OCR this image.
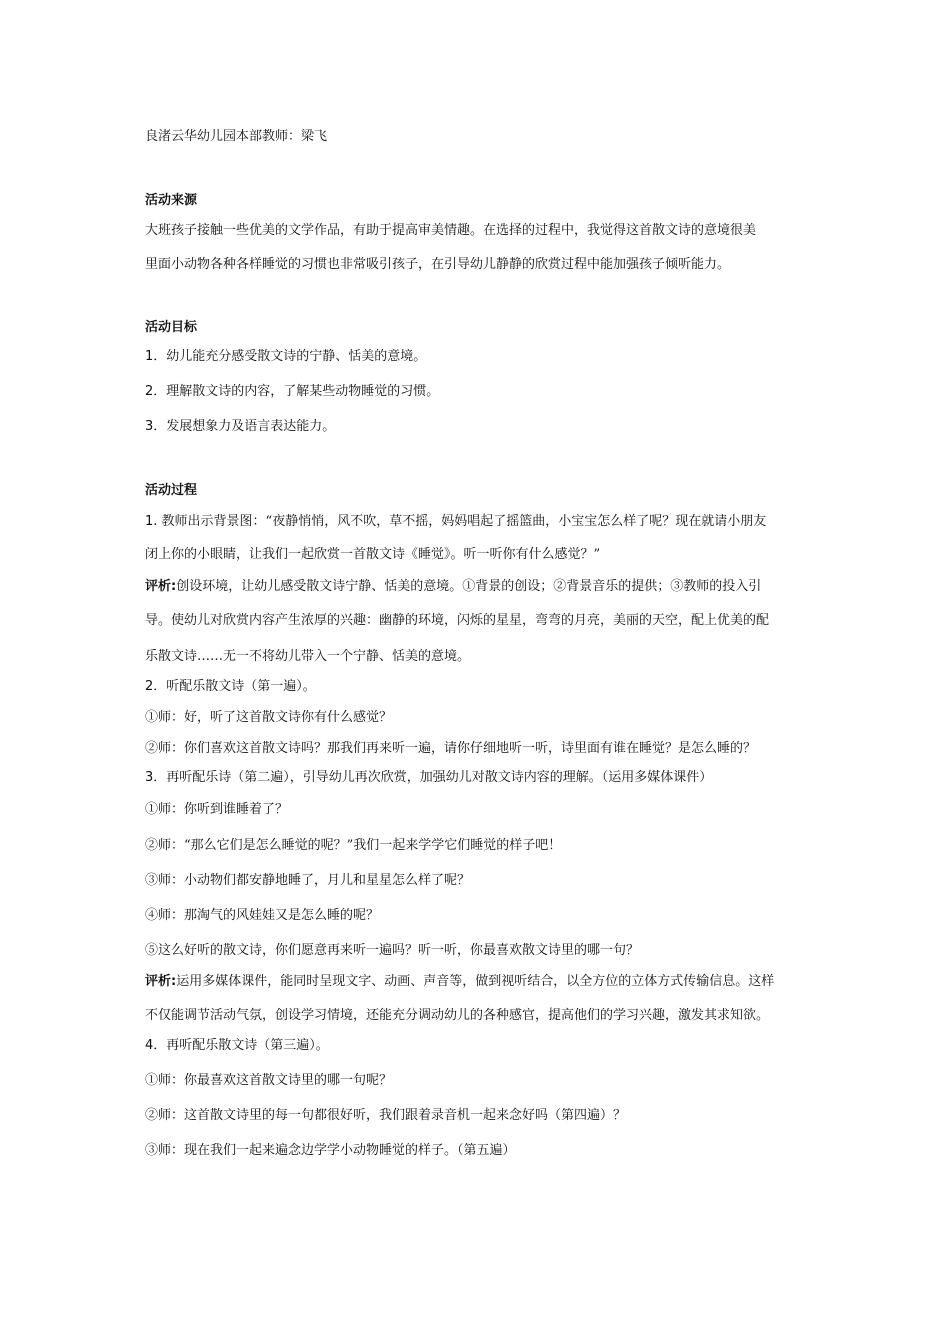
良渚云华幼儿园本部教师：梁飞
活动来源
大班孩子接触一些优美的文学作品，有助于提高审美情趣。在选择的过程中，我觉得这首散文诗的意境很美
里面小动物各种各样睡觉的习惯也非常吸引孩子，在引导幼儿静静的欣赏过程中能加强孩子倾听能力。
活动目标
1．幼儿能充分感受散文诗的宁静、恬美的意境。
2．理解散文诗的内容，了解某些动物睡觉的习惯。
3．发展想象力及语言表达能力。
活动过程
1. 教师出示背景图：“夜静悄悄，风不吹，草不摇，妈妈唱起了摇篮曲，小宝宝怎么样了呢？现在就请小朋友
闭上你的小眼睛，让我们一起欣赏一首散文诗《睡觉》。听一听你有什么感觉？”
评析:创设环境，让幼儿感受散文诗宁静、恬美的意境。①背景的创设；②背景音乐的提供；③教师的投入引
导。使幼儿对欣赏内容产生浓厚的兴趣：幽静的环境，闪烁的星星，弯弯的月亮，美丽的天空，配上优美的配
乐散文诗……无一不将幼儿带入一个宁静、恬美的意境。
2．听配乐散文诗（第一遍）。
①师：好，听了这首散文诗你有什么感觉？
②师：你们喜欢这首散文诗吗？那我们再来听一遍，请你仔细地听一听，诗里面有谁在睡觉？是怎么睡的？
3．再听配乐诗（第二遍），引导幼儿再次欣赏，加强幼儿对散文诗内容的理解。（运用多媒体课件）
①师：你听到谁睡着了？
②师：“那么它们是怎么睡觉的呢？”我们一起来学学它们睡觉的样子吧！
③师：小动物们都安静地睡了，月儿和星星怎么样了呢？
④师：那淘气的风娃娃又是怎么睡的呢？
⑤这么好听的散文诗，你们愿意再来听一遍吗？听一听，你最喜欢散文诗里的哪一句？
评析:运用多媒体课件，能同时呈现文字、动画、声音等，做到视听结合，以全方位的立体方式传输信息。这样
不仅能调节活动气氛，创设学习情境，还能充分调动幼儿的各种感官，提高他们的学习兴趣，激发其求知欲。
4．再听配乐散文诗（第三遍）。
①师：你最喜欢这首散文诗里的哪一句呢？
②师：这首散文诗里的每一句都很好听，我们跟着录音机一起来念好吗（第四遍）？
③师：现在我们一起来遍念边学学小动物睡觉的样子。（第五遍）
